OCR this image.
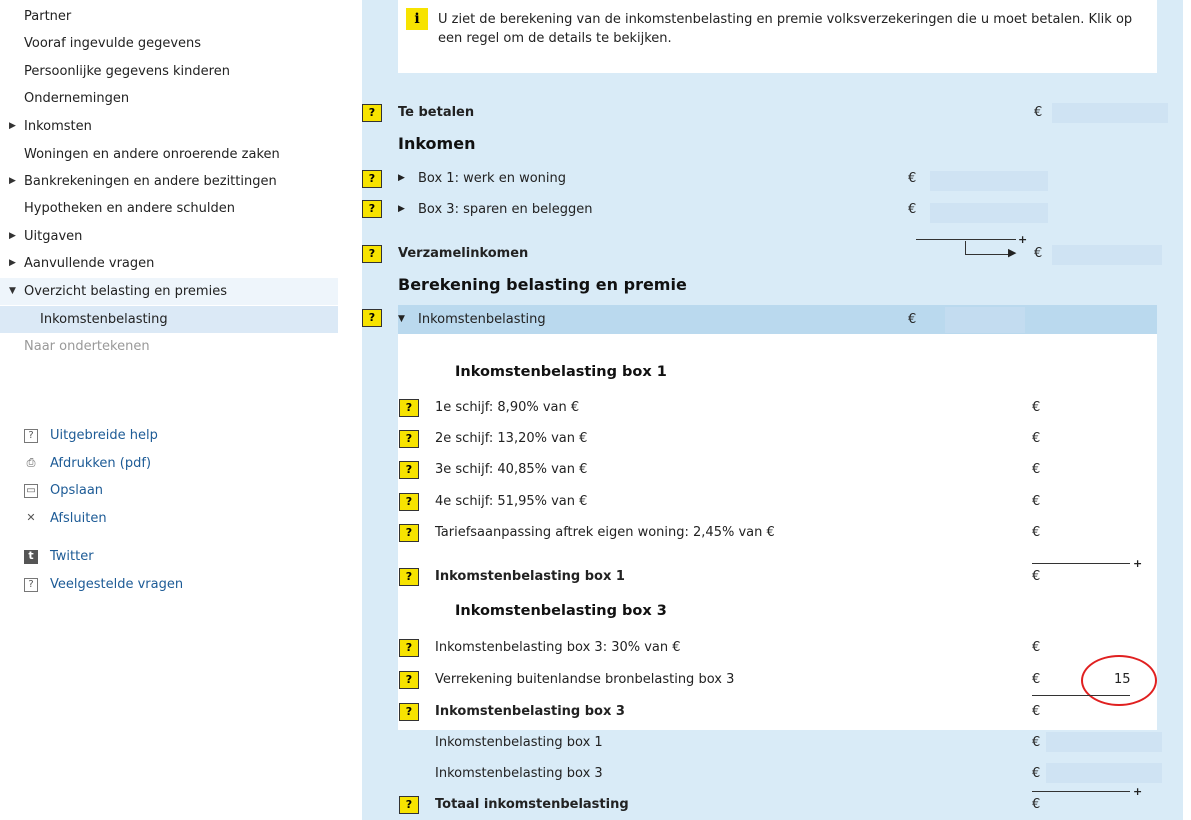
Partner
Vooraf ingevulde gegevens
Persoonlijke gegevens kinderen
Ondernemingen
▶ Inkomsten
Woningen en andere onroerende zaken
▶ Bankrekeningen en andere bezittingen
Hypotheken en andere schulden
▶ Uitgaven
▶ Aanvullende vragen
▼ Overzicht belasting en premies
Inkomstenbelasting
Naar ondertekenen
?	Uitgebreide help
⎙ Afdrukken (pdf)
▭ Opslaan
✕ Afsluiten
t	Twitter
?	Veelgestelde vragen
i	U ziet de berekening van de inkomstenbelasting en premie volksverzekeringen die u moet betalen. Klik op een regel om de details te bekijken.
?	Te betalen	€
Inkomen
?	▶ Box 1: werk en woning	€
?	▶ Box 3: sparen en beleggen	€
+
▶
?	Verzamelinkomen	€
Berekening belasting en premie
?	▼ Inkomstenbelasting	€
Inkomstenbelasting box 1
?	1e schijf: 8,90% van €	€
?	2e schijf: 13,20% van €	€
?	3e schijf: 40,85% van €	€
?	4e schijf: 51,95% van €	€
?	Tariefsaanpassing aftrek eigen woning: 2,45% van €	€
+
?	Inkomstenbelasting box 1	€
Inkomstenbelasting box 3
?	Inkomstenbelasting box 3: 30% van €	€
?	Verrekening buitenlandse bronbelasting box 3	€	15
?	Inkomstenbelasting box 3	€
Inkomstenbelasting box 1	€
Inkomstenbelasting box 3	€
+
?	Totaal inkomstenbelasting	€
